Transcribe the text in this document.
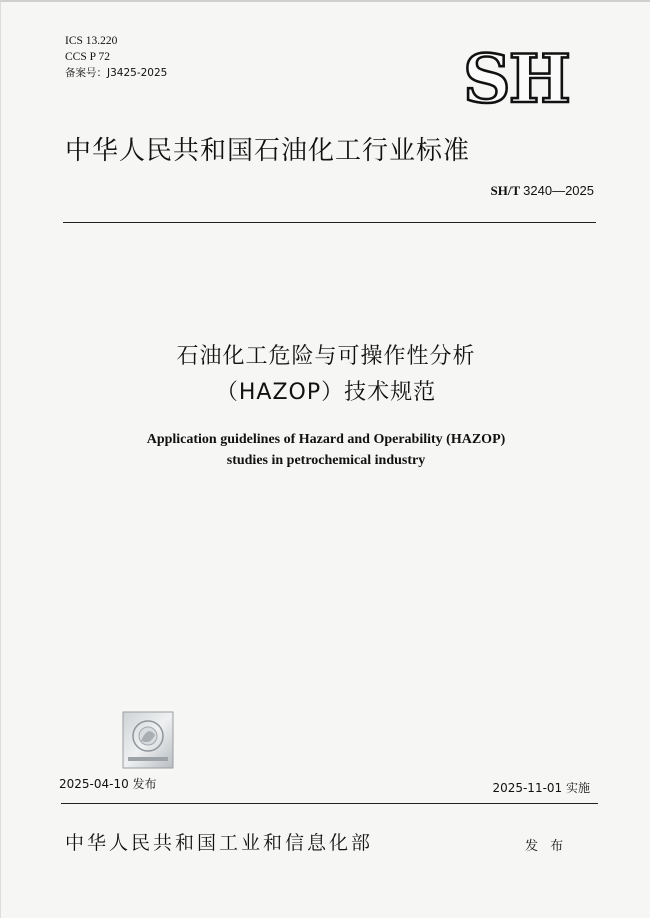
ICS 13.220
CCS P 72
备案号：J3425-2025	SH
中华人民共和国石油化工行业标准
SH/T 3240—2025
石油化工危险与可操作性分析
（HAZOP）技术规范
Application guidelines of Hazard and Operability (HAZOP)
studies in petrochemical industry
2025-04-10 发布	2025-11-01 实施
中华人民共和国工业和信息化部	发 布
